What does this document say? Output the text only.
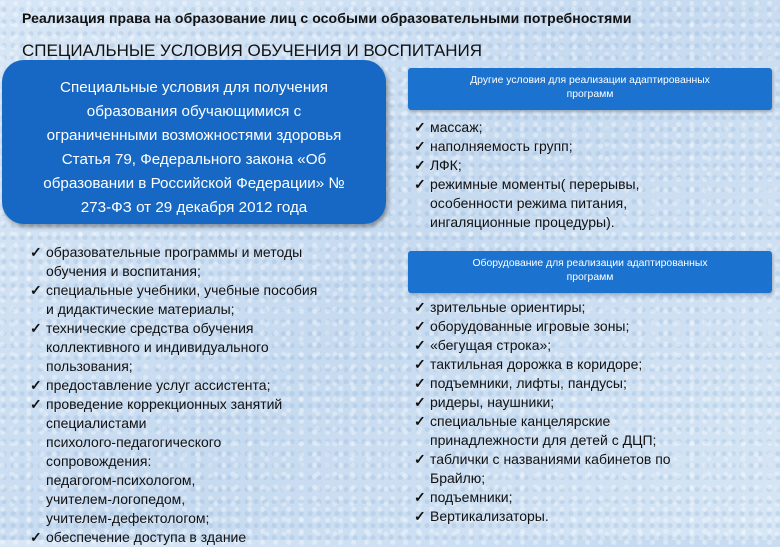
Реализация права на образование лиц с особыми образовательными потребностями
СПЕЦИАЛЬНЫЕ УСЛОВИЯ ОБУЧЕНИЯ И ВОСПИТАНИЯ
Специальные условия для получения
образования обучающимися с
ограниченными возможностями здоровья
Статья 79, Федерального закона «Об
образовании в Российской Федерации» №
273-ФЗ от 29 декабря 2012 года
✓ образовательные программы и методы
обучения и воспитания;
✓ специальные учебники, учебные пособия
и дидактические материалы;
✓ технические средства обучения
коллективного и индивидуального
пользования;
✓ предоставление услуг ассистента;
✓ проведение коррекционных занятий
специалистами
психолого-педагогического
сопровождения:
педагогом-психологом,
учителем-логопедом,
учителем-дефектологом;
✓ обеспечение доступа в здание
Другие условия для реализации адаптированных
программ
✓ массаж;
✓ наполняемость групп;
✓ ЛФК;
✓ режимные моменты( перерывы,
особенности режима питания,
ингаляционные процедуры).
Оборудование для реализации адаптированных
программ
✓ зрительные ориентиры;
✓ оборудованные игровые зоны;
✓ «бегущая строка»;
✓ тактильная дорожка в коридоре;
✓ подъемники, лифты, пандусы;
✓ ридеры, наушники;
✓ специальные канцелярские
принадлежности для детей с ДЦП;
✓ таблички с названиями кабинетов по
Брайлю;
✓ подъемники;
✓ Вертикализаторы.
